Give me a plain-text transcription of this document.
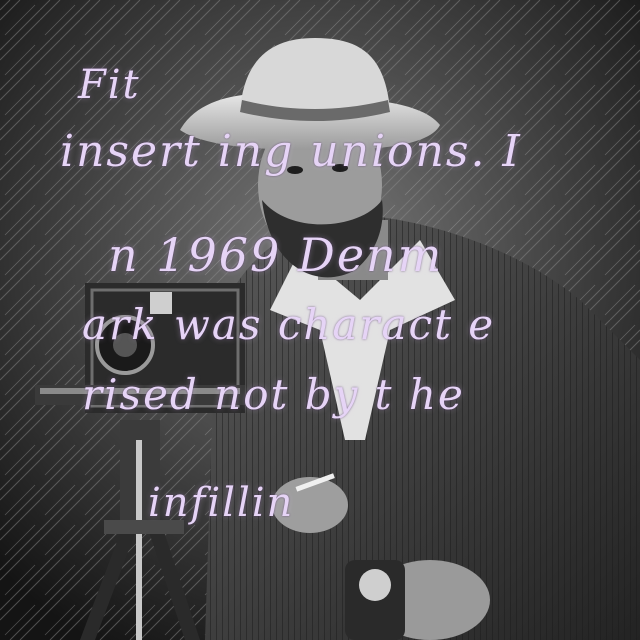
Fit
insert ing unions. I
n 1969 Denm
ark was charact e
rised not by t he
infillin
